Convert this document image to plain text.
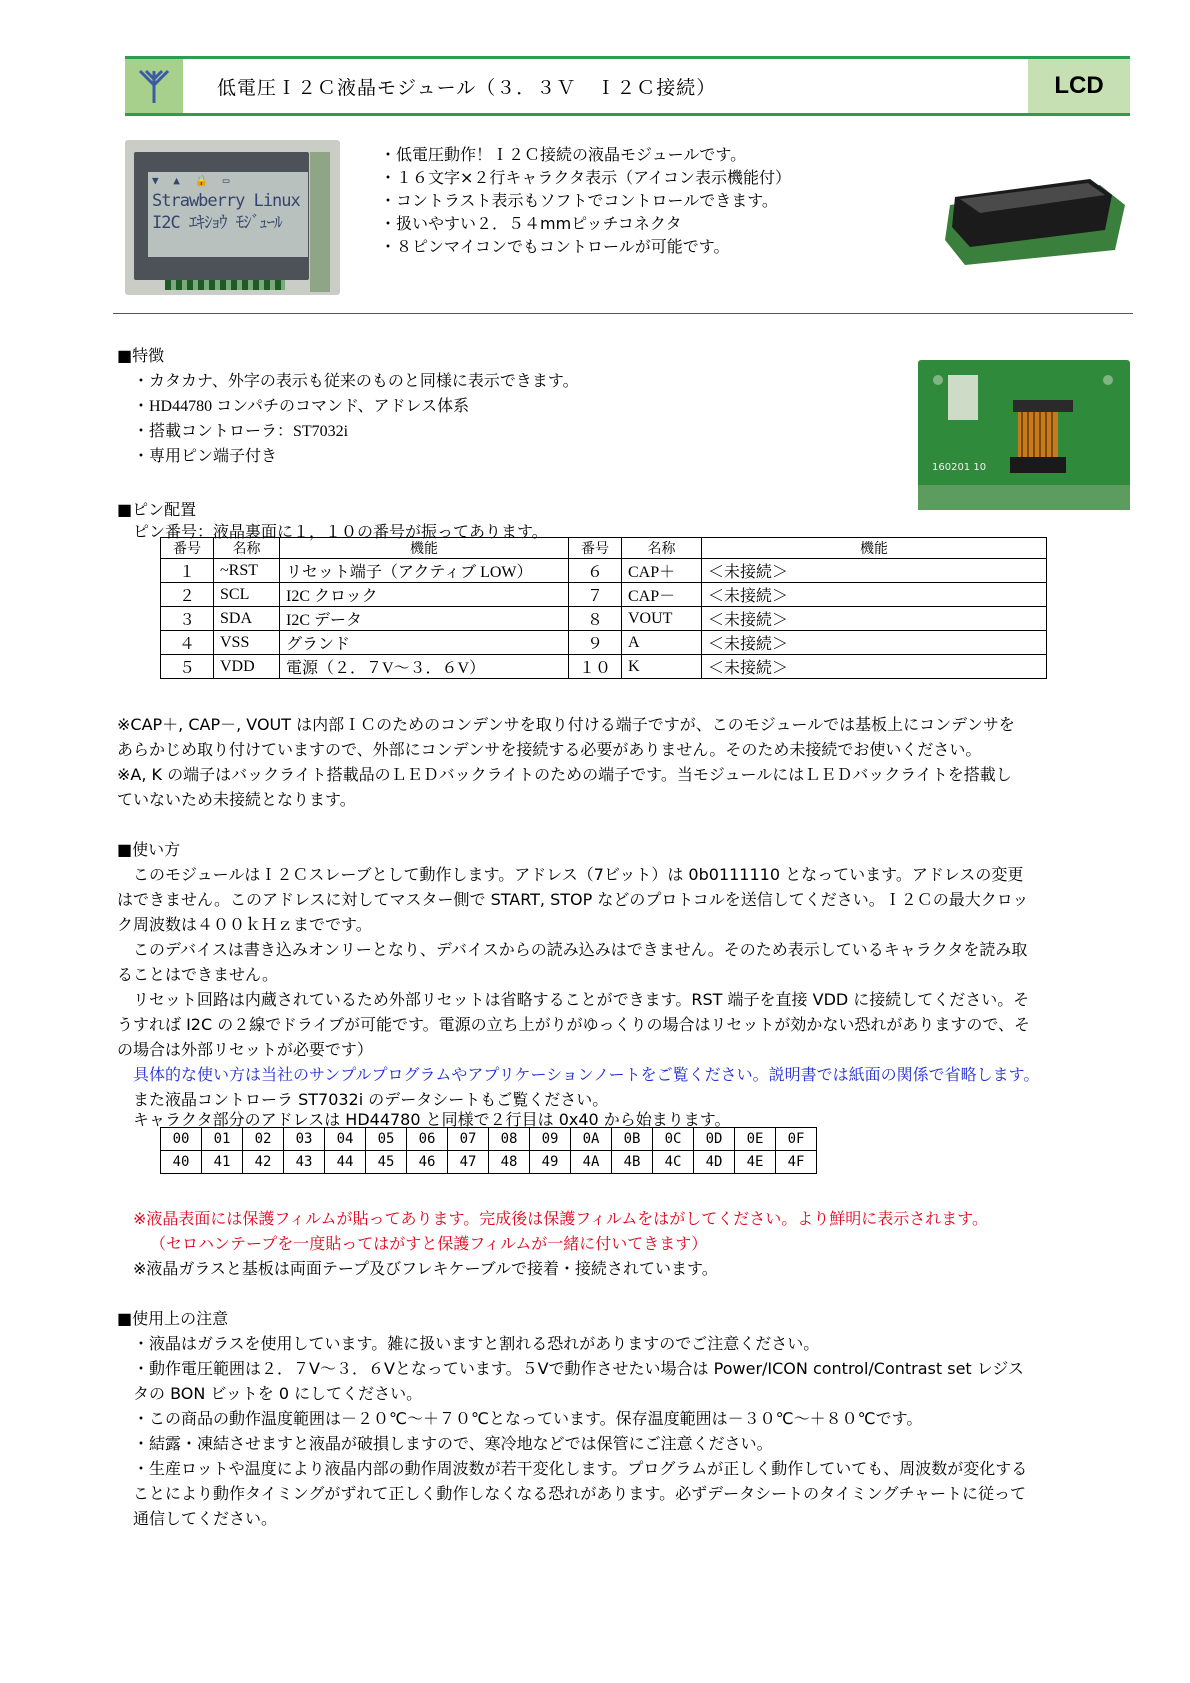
低電圧Ｉ２Ｃ液晶モジュール（３．３Ｖ　Ｉ２Ｃ接続）	LCD
▼ ▲ 🔒 ▭
Strawberry Linux
I2C ｴｷｼｮｳ ﾓｼﾞｭｰﾙ
・低電圧動作！Ｉ２Ｃ接続の液晶モジュールです。
・１６文字×２行キャラクタ表示（アイコン表示機能付）
・コントラスト表示もソフトでコントロールできます。
・扱いやすい２．５４mmピッチコネクタ
・８ピンマイコンでもコントロールが可能です。
■特徴
・カタカナ、外字の表示も従来のものと同様に表示できます。
・HD44780 コンパチのコマンド、アドレス体系
・搭載コントローラ：ST7032i
・専用ピン端子付き
160201 10
■ピン配置
ピン番号：液晶裏面に１，１０の番号が振ってあります。
番号	名称	機能	番号	名称	機能
１	~RST	リセット端子（アクティブ LOW）	６	CAP＋	＜未接続＞
２	SCL	I2C クロック	７	CAP－	＜未接続＞
３	SDA	I2C データ	８	VOUT	＜未接続＞
４	VSS	グランド	９	A	＜未接続＞
５	VDD	電源（２．７V～３．６V）	１０	K	＜未接続＞
※CAP＋, CAP－, VOUT は内部ＩＣのためのコンデンサを取り付ける端子ですが、このモジュールでは基板上にコンデンサを
あらかじめ取り付けていますので、外部にコンデンサを接続する必要がありません。そのため未接続でお使いください。
※A, K の端子はバックライト搭載品のＬＥＤバックライトのための端子です。当モジュールにはＬＥＤバックライトを搭載し
ていないため未接続となります。
■使い方
このモジュールはＩ２Ｃスレーブとして動作します。アドレス（7ビット）は 0b0111110 となっています。アドレスの変更
はできません。このアドレスに対してマスター側で START, STOP などのプロトコルを送信してください。Ｉ２Ｃの最大クロッ
ク周波数は４００ｋＨｚまでです。
このデバイスは書き込みオンリーとなり、デバイスからの読み込みはできません。そのため表示しているキャラクタを読み取
ることはできません。
リセット回路は内蔵されているため外部リセットは省略することができます。RST 端子を直接 VDD に接続してください。そ
うすれば I2C の２線でドライブが可能です。電源の立ち上がりがゆっくりの場合はリセットが効かない恐れがありますので、そ
の場合は外部リセットが必要です）
具体的な使い方は当社のサンプルプログラムやアプリケーションノートをご覧ください。説明書では紙面の関係で省略します。
また液晶コントローラ ST7032i のデータシートもご覧ください。
キャラクタ部分のアドレスは HD44780 と同様で２行目は 0x40 から始まります。
00	01	02	03	04	05	06	07	08	09	0A	0B	0C	0D	0E	0F
40	41	42	43	44	45	46	47	48	49	4A	4B	4C	4D	4E	4F
※液晶表面には保護フィルムが貼ってあります。完成後は保護フィルムをはがしてください。より鮮明に表示されます。
（セロハンテープを一度貼ってはがすと保護フィルムが一緒に付いてきます）
※液晶ガラスと基板は両面テープ及びフレキケーブルで接着・接続されています。
■使用上の注意
・液晶はガラスを使用しています。雑に扱いますと割れる恐れがありますのでご注意ください。
・動作電圧範囲は２．７V～３．６Vとなっています。５Vで動作させたい場合は Power/ICON control/Contrast set レジス
タの BON ビットを 0 にしてください。
・この商品の動作温度範囲は－２０℃～＋７０℃となっています。保存温度範囲は－３０℃～＋８０℃です。
・結露・凍結させますと液晶が破損しますので、寒冷地などでは保管にご注意ください。
・生産ロットや温度により液晶内部の動作周波数が若干変化します。プログラムが正しく動作していても、周波数が変化する
ことにより動作タイミングがずれて正しく動作しなくなる恐れがあります。必ずデータシートのタイミングチャートに従って
通信してください。
